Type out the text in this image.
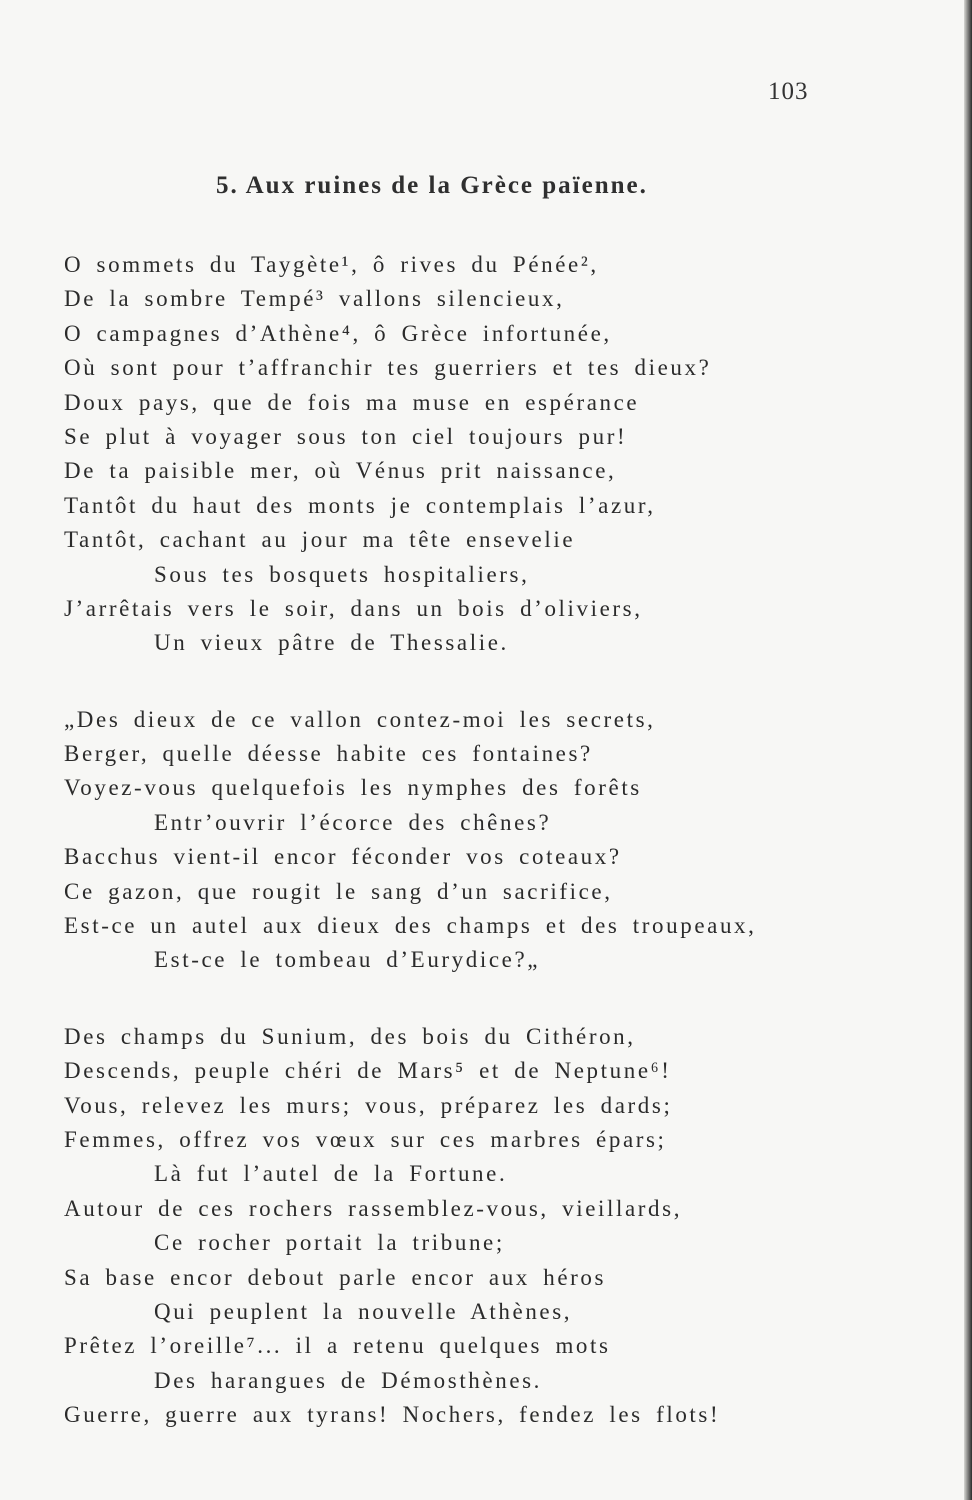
103
5. Aux ruines de la Grèce païenne.
O sommets du Taygète¹, ô rives du Pénée²,
De la sombre Tempé³ vallons silencieux,
O campagnes d’Athène⁴, ô Grèce infortunée,
Où sont pour t’affranchir tes guerriers et tes dieux?
Doux pays, que de fois ma muse en espérance
Se plut à voyager sous ton ciel toujours pur!
De ta paisible mer, où Vénus prit naissance,
Tantôt du haut des monts je contemplais l’azur,
Tantôt, cachant au jour ma tête ensevelie
Sous tes bosquets hospitaliers,
J’arrêtais vers le soir, dans un bois d’oliviers,
Un vieux pâtre de Thessalie.
„Des dieux de ce vallon contez-moi les secrets,
Berger, quelle déesse habite ces fontaines?
Voyez-vous quelquefois les nymphes des forêts
Entr’ouvrir l’écorce des chênes?
Bacchus vient-il encor féconder vos coteaux?
Ce gazon, que rougit le sang d’un sacrifice,
Est-ce un autel aux dieux des champs et des troupeaux,
Est-ce le tombeau d’Eurydice?„
Des champs du Sunium, des bois du Cithéron,
Descends, peuple chéri de Mars⁵ et de Neptune⁶!
Vous, relevez les murs; vous, préparez les dards;
Femmes, offrez vos vœux sur ces marbres épars;
Là fut l’autel de la Fortune.
Autour de ces rochers rassemblez-vous, vieillards,
Ce rocher portait la tribune;
Sa base encor debout parle encor aux héros
Qui peuplent la nouvelle Athènes,
Prêtez l’oreille⁷... il a retenu quelques mots
Des harangues de Démosthènes.
Guerre, guerre aux tyrans! Nochers, fendez les flots!
